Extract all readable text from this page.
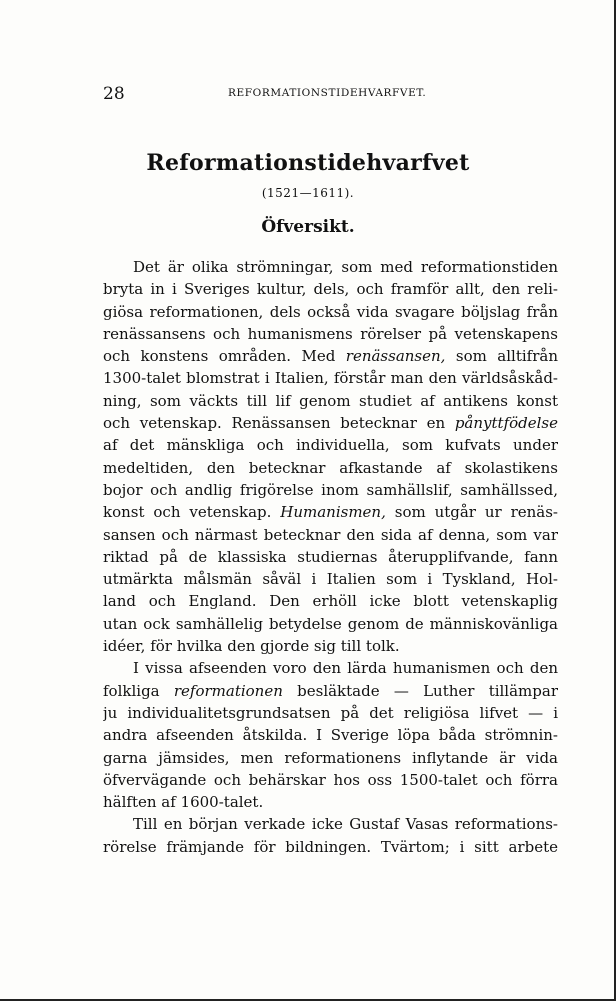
28	REFORMATIONSTIDEHVARFVET.
Reformationstidehvarfvet
(1521—1611).
Öfversikt.
Det är olika strömningar, som med reformationstiden
bryta in i Sveriges kultur, dels, och framför allt, den reli-
giösa reformationen, dels också vida svagare böljslag från
renässansens och humanismens rörelser på vetenskapens
och konstens områden. Med renässansen, som alltifrån
1300-talet blomstrat i Italien, förstår man den världsåskåd-
ning, som väckts till lif genom studiet af antikens konst
och vetenskap. Renässansen betecknar en pånyttfödelse
af det mänskliga och individuella, som kufvats under
medeltiden, den betecknar afkastande af skolastikens
bojor och andlig frigörelse inom samhällslif, samhällssed,
konst och vetenskap. Humanismen, som utgår ur renäs-
sansen och närmast betecknar den sida af denna, som var
riktad på de klassiska studiernas återupplifvande, fann
utmärkta målsmän såväl i Italien som i Tyskland, Hol-
land och England. Den erhöll icke blott vetenskaplig
utan ock samhällelig betydelse genom de människovänliga
idéer, för hvilka den gjorde sig till tolk.
I vissa afseenden voro den lärda humanismen och den
folkliga reformationen besläktade — Luther tillämpar
ju individualitetsgrundsatsen på det religiösa lifvet — i
andra afseenden åtskilda. I Sverige löpa båda strömnin-
garna jämsides, men reformationens inflytande är vida
öfvervägande och behärskar hos oss 1500-talet och förra
hälften af 1600-talet.
Till en början verkade icke Gustaf Vasas reformations-
rörelse främjande för bildningen. Tvärtom; i sitt arbete
